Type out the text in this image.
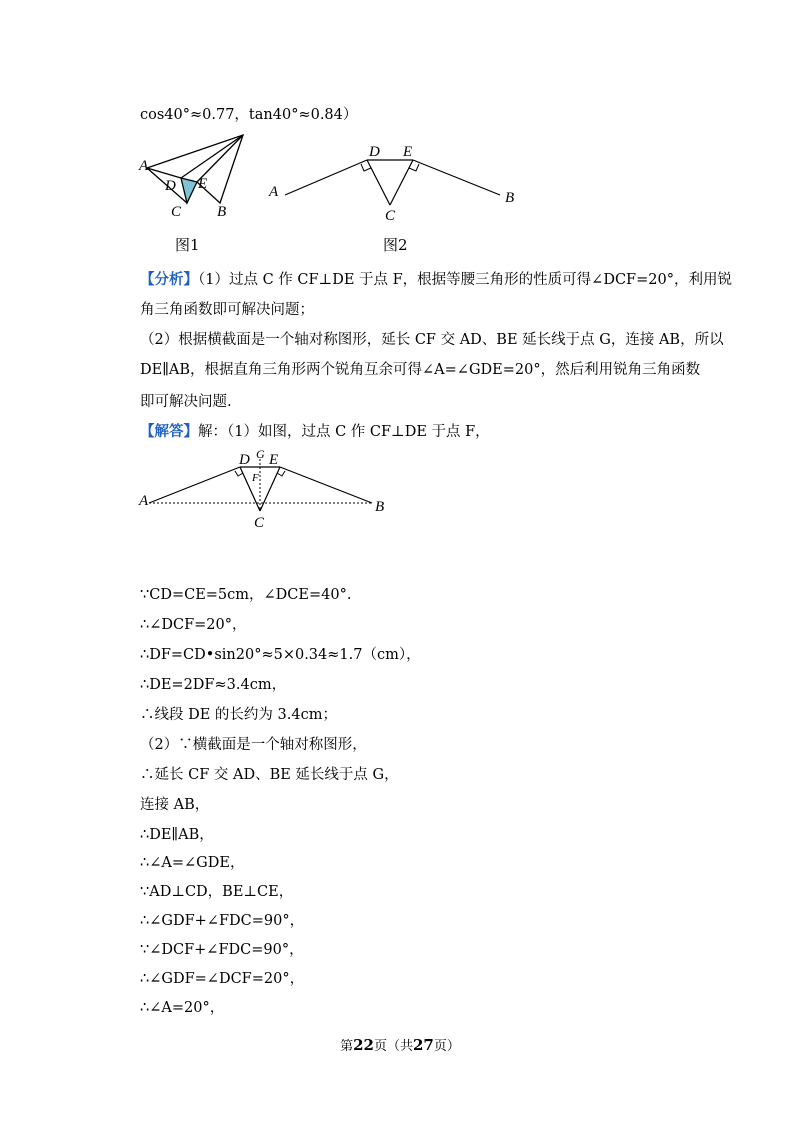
cos40°≈0.77，tan40°≈0.84）
A
D E
C B
图1
D E
A
C
B
图2
【分析】（1）过点 C 作 CF⊥DE 于点 F，根据等腰三角形的性质可得∠DCF=20°，利用锐
角三角函数即可解决问题；
（2）根据横截面是一个轴对称图形，延长 CF 交 AD、BE 延长线于点 G，连接 AB，所以
DE∥AB，根据直角三角形两个锐角互余可得∠A=∠GDE=20°，然后利用锐角三角函数
即可解决问题.
【解答】解：（1）如图，过点 C 作 CF⊥DE 于点 F，
D G E
F
A
C
B
∵CD=CE=5cm，∠DCE=40°.
∴∠DCF=20°，
∴DF=CD•sin20°≈5×0.34≈1.7（cm），
∴DE=2DF≈3.4cm，
∴线段 DE 的长约为 3.4cm；
（2）∵横截面是一个轴对称图形，
∴延长 CF 交 AD、BE 延长线于点 G，
连接 AB，
∴DE∥AB，
∴∠A=∠GDE，
∵AD⊥CD，BE⊥CE，
∴∠GDF+∠FDC=90°，
∵∠DCF+∠FDC=90°，
∴∠GDF=∠DCF=20°，
∴∠A=20°，
第22页（共27页）
